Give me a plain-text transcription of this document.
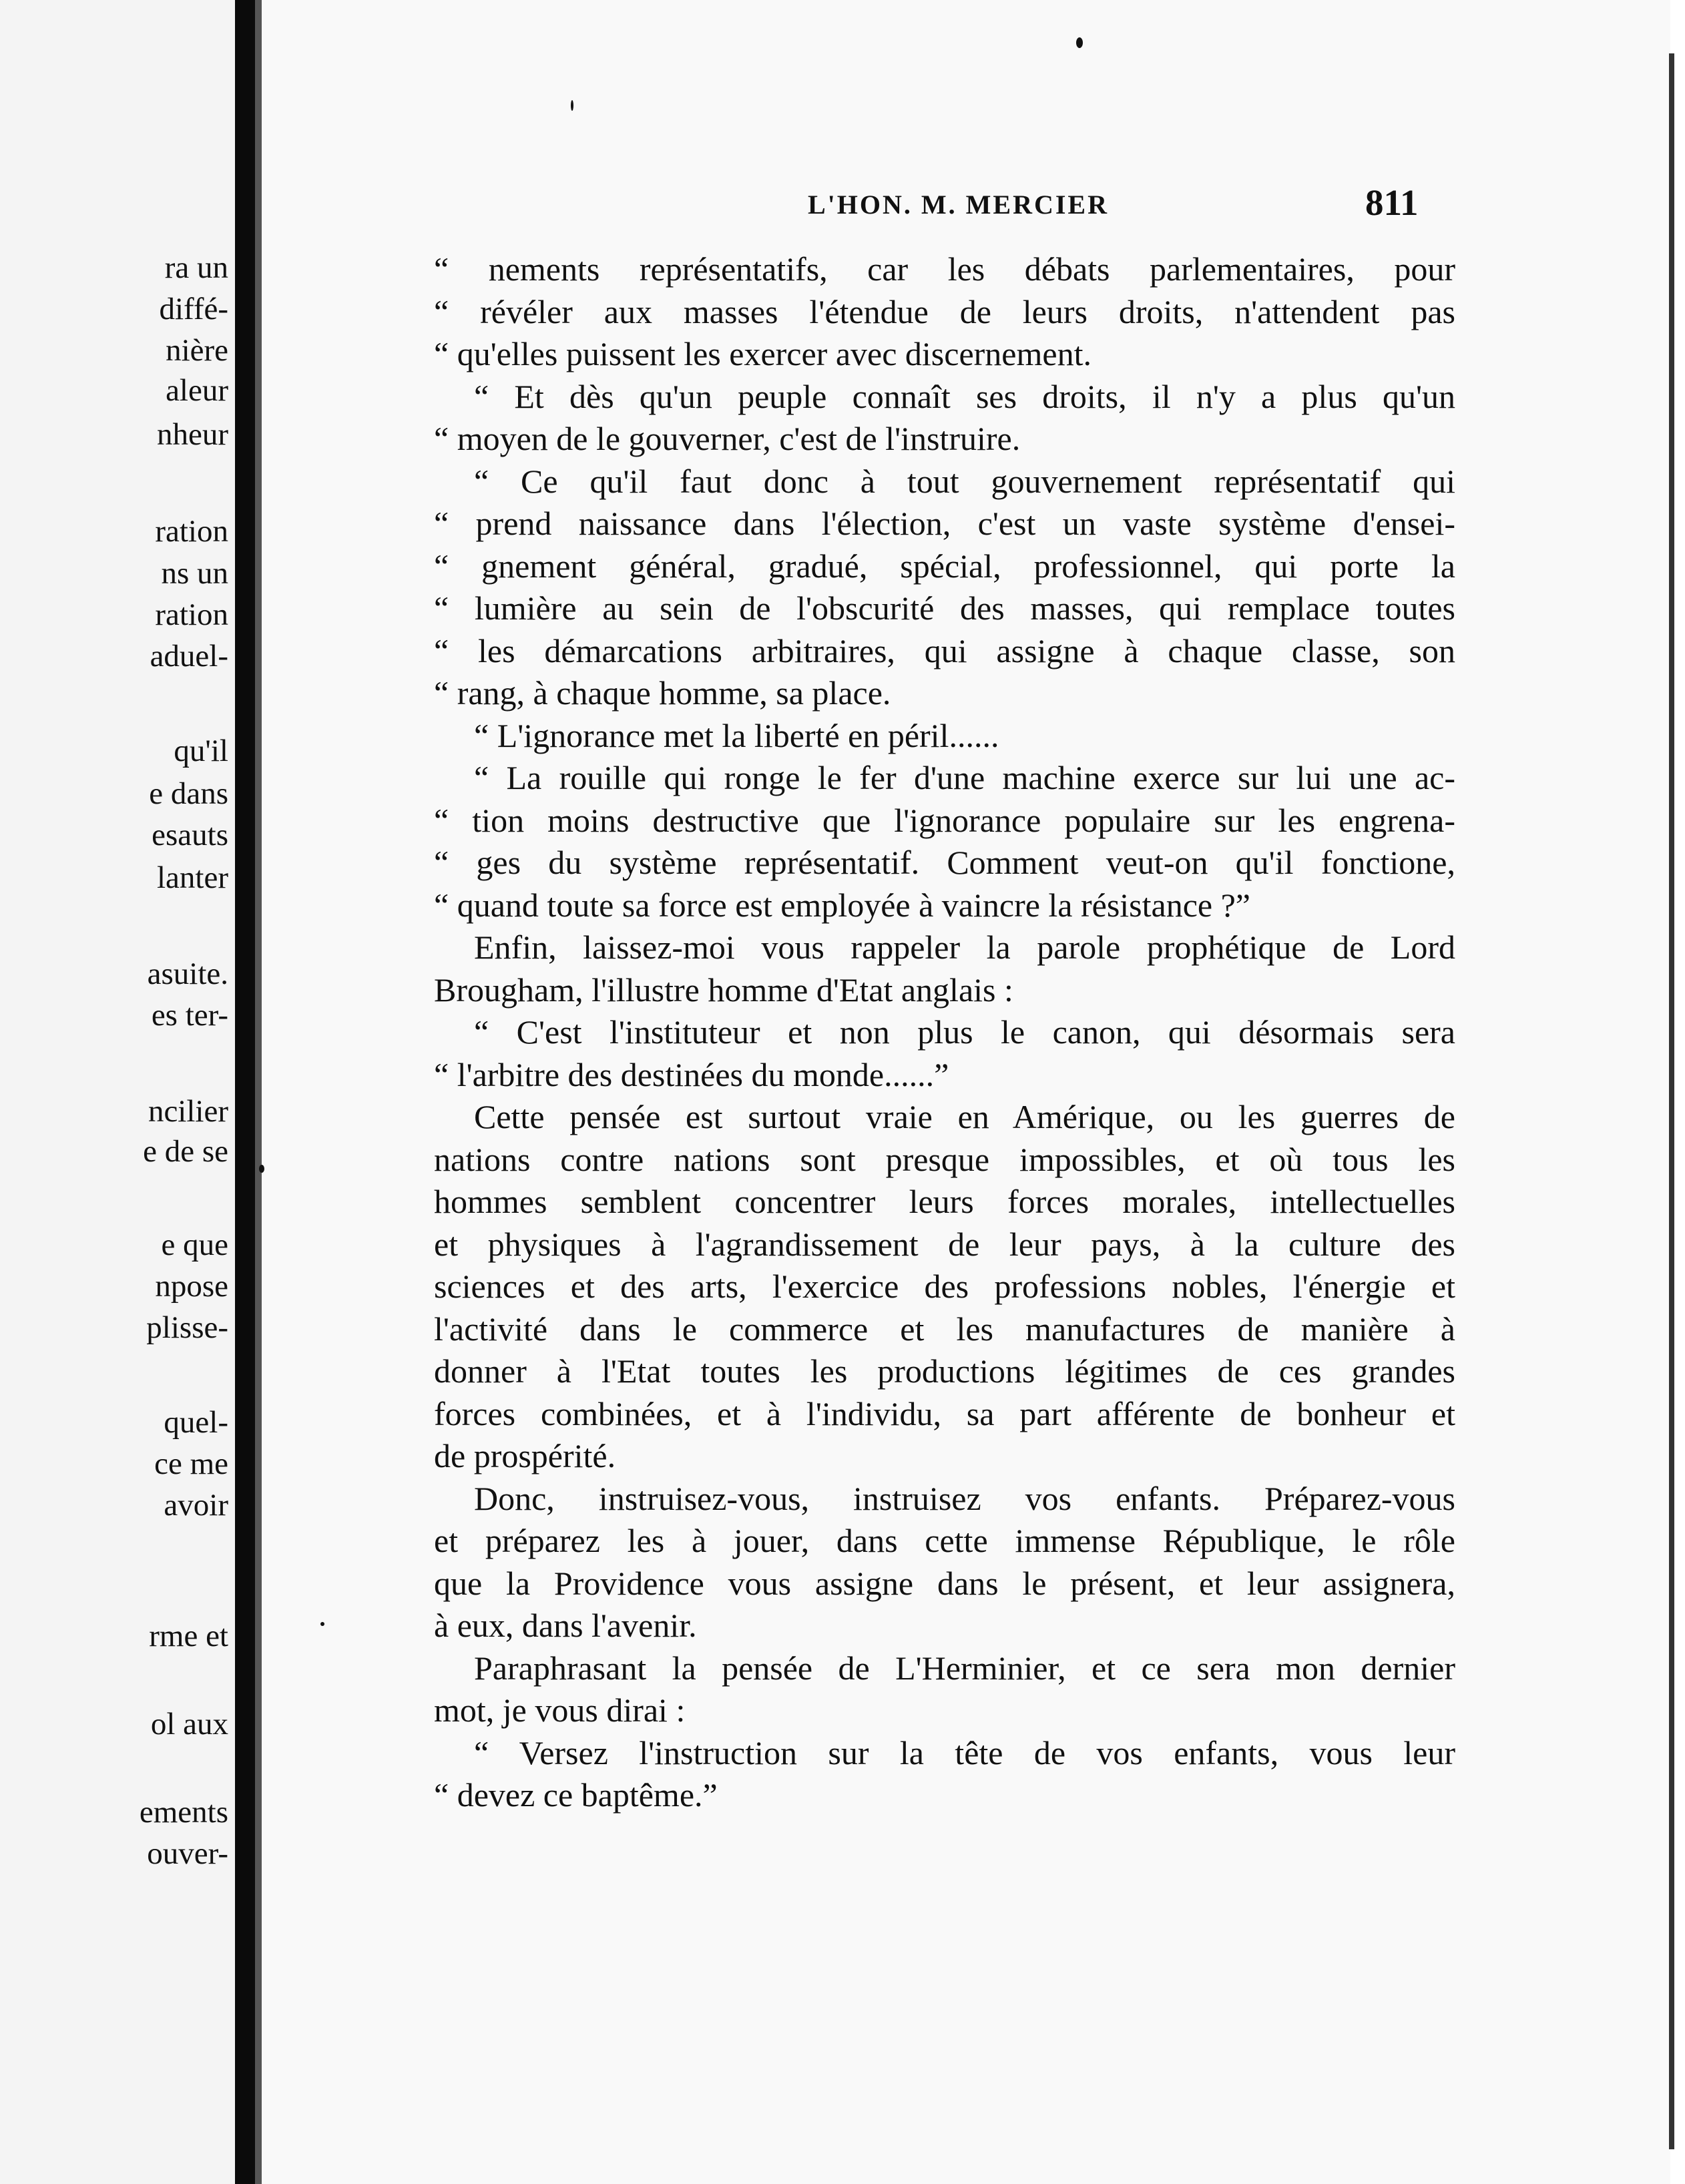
ra un
diffé-
nière
aleur
nheur
ration
ns un
ration
aduel-
qu'il
e dans
esauts
lanter
asuite.
es ter-
ncilier
e de se
e que
npose
plisse-
quel-
ce me
avoir
rme et
ol aux
ements
ouver-
L'HON. M. MERCIER	811
“ nements représentatifs, car les débats parlementaires, pour
“ révéler aux masses l'étendue de leurs droits, n'attendent pas
“ qu'elles puissent les exercer avec discernement.
“ Et dès qu'un peuple connaît ses droits, il n'y a plus qu'un
“ moyen de le gouverner, c'est de l'instruire.
“ Ce qu'il faut donc à tout gouvernement représentatif qui
“ prend naissance dans l'élection, c'est un vaste système d'ensei-
“ gnement général, gradué, spécial, professionnel, qui porte la
“ lumière au sein de l'obscurité des masses, qui remplace toutes
“ les démarcations arbitraires, qui assigne à chaque classe, son
“ rang, à chaque homme, sa place.
“ L'ignorance met la liberté en péril......
“ La rouille qui ronge le fer d'une machine exerce sur lui une ac-
“ tion moins destructive que l'ignorance populaire sur les engrena-
“ ges du système représentatif. Comment veut-on qu'il fonctione,
“ quand toute sa force est employée à vaincre la résistance ?”
Enfin, laissez-moi vous rappeler la parole prophétique de Lord
Brougham, l'illustre homme d'Etat anglais :
“ C'est l'instituteur et non plus le canon, qui désormais sera
“ l'arbitre des destinées du monde......”
Cette pensée est surtout vraie en Amérique, ou les guerres de
nations contre nations sont presque impossibles, et où tous les
hommes semblent concentrer leurs forces morales, intellectuelles
et physiques à l'agrandissement de leur pays, à la culture des
sciences et des arts, l'exercice des professions nobles, l'énergie et
l'activité dans le commerce et les manufactures de manière à
donner à l'Etat toutes les productions légitimes de ces grandes
forces combinées, et à l'individu, sa part afférente de bonheur et
de prospérité.
Donc, instruisez-vous, instruisez vos enfants. Préparez-vous
et préparez les à jouer, dans cette immense République, le rôle
que la Providence vous assigne dans le présent, et leur assignera,
à eux, dans l'avenir.
Paraphrasant la pensée de L'Herminier, et ce sera mon dernier
mot, je vous dirai :
“ Versez l'instruction sur la tête de vos enfants, vous leur
“ devez ce baptême.”
